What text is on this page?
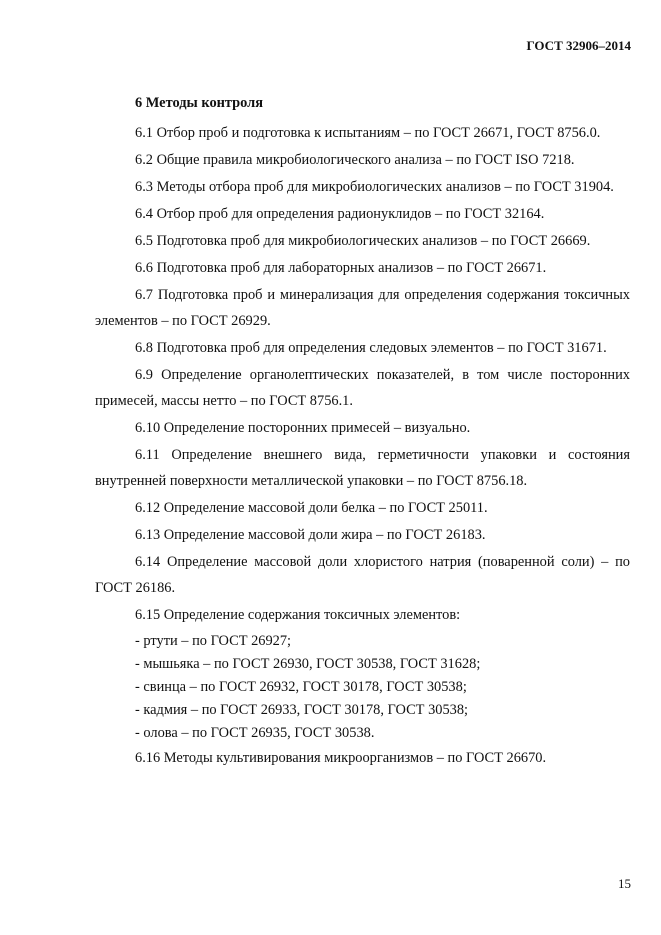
ГОСТ 32906–2014

6 Методы контроля

6.1 Отбор проб и подготовка к испытаниям – по ГОСТ 26671, ГОСТ 8756.0.

6.2 Общие правила микробиологического анализа – по ГОСТ ISO 7218.

6.3 Методы отбора проб для микробиологических анализов – по ГОСТ 31904.

6.4 Отбор проб для определения радионуклидов – по ГОСТ 32164.

6.5 Подготовка проб для микробиологических анализов – по ГОСТ 26669.

6.6 Подготовка проб для лабораторных анализов – по ГОСТ 26671.

6.7 Подготовка проб и минерализация для определения содержания токсичных элементов – по ГОСТ 26929.

6.8 Подготовка проб для определения следовых элементов – по ГОСТ 31671.

6.9 Определение органолептических показателей, в том числе посторонних примесей, массы нетто – по ГОСТ 8756.1.

6.10 Определение посторонних примесей – визуально.

6.11 Определение внешнего вида, герметичности упаковки и состояния внутренней поверхности металлической упаковки – по ГОСТ 8756.18.

6.12 Определение массовой доли белка – по ГОСТ 25011.

6.13 Определение массовой доли жира – по ГОСТ 26183.

6.14 Определение массовой доли хлористого натрия (поваренной соли) – по ГОСТ 26186.

6.15 Определение содержания токсичных элементов:

- ртути – по ГОСТ 26927;

- мышьяка – по ГОСТ 26930, ГОСТ 30538, ГОСТ 31628;

- свинца – по ГОСТ 26932, ГОСТ 30178, ГОСТ 30538;

- кадмия – по ГОСТ 26933, ГОСТ 30178, ГОСТ 30538;

- олова – по ГОСТ 26935, ГОСТ 30538.

6.16 Методы культивирования микроорганизмов – по ГОСТ 26670.

15
